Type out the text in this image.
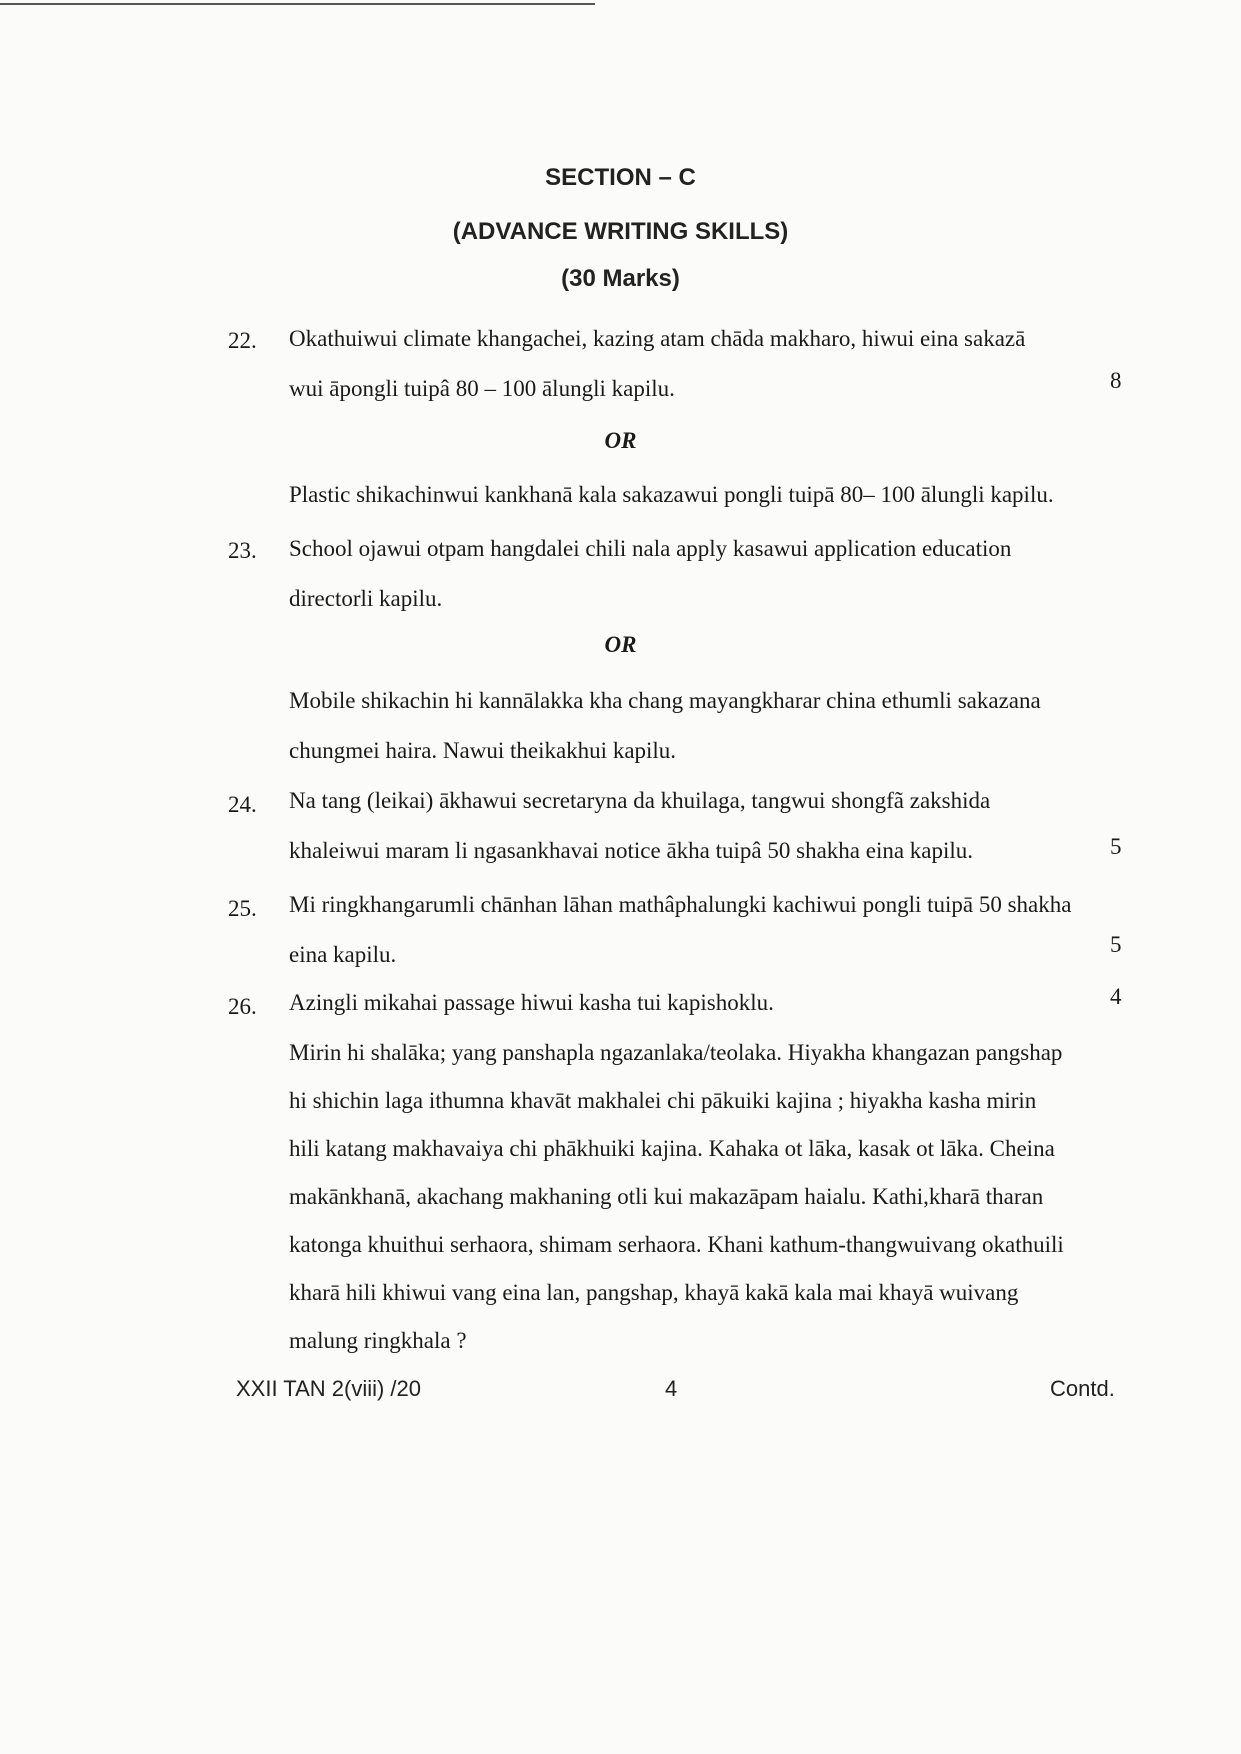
SECTION – C
(ADVANCE WRITING SKILLS)
(30 Marks)
22. Okathuiwui climate khangachei, kazing atam chāda makharo, hiwui eina sakazā
wui āpongli tuipâ 80 – 100 ālungli kapilu.	8
OR
Plastic shikachinwui kankhanā kala sakazawui pongli tuipā 80– 100 ālungli kapilu.
23. School ojawui otpam hangdalei chili nala apply kasawui application education
directorli kapilu.
OR
Mobile shikachin hi kannālakka kha chang mayangkharar china ethumli sakazana
chungmei haira. Nawui theikakhui kapilu.
24. Na tang (leikai) ākhawui secretaryna da khuilaga, tangwui shongfã zakshida
khaleiwui maram li ngasankhavai notice ākha tuipâ 50 shakha eina kapilu.	5
25. Mi ringkhangarumli chānhan lāhan mathâphalungki kachiwui pongli tuipā 50 shakha
eina kapilu.	5
26. Azingli mikahai passage hiwui kasha tui kapishoklu.	4
Mirin hi shalāka; yang panshapla ngazanlaka/teolaka. Hiyakha khangazan pangshap
hi shichin laga ithumna khavāt makhalei chi pākuiki kajina ; hiyakha kasha mirin
hili katang makhavaiya chi phākhuiki kajina. Kahaka ot lāka, kasak ot lāka. Cheina
makānkhanā, akachang makhaning otli kui makazāpam haialu. Kathi,kharā tharan
katonga khuithui serhaora, shimam serhaora. Khani kathum-thangwuivang okathuili
kharā hili khiwui vang eina lan, pangshap, khayā kakā kala mai khayā wuivang
malung ringkhala ?
XXII TAN 2(viii) /20	4	Contd.
